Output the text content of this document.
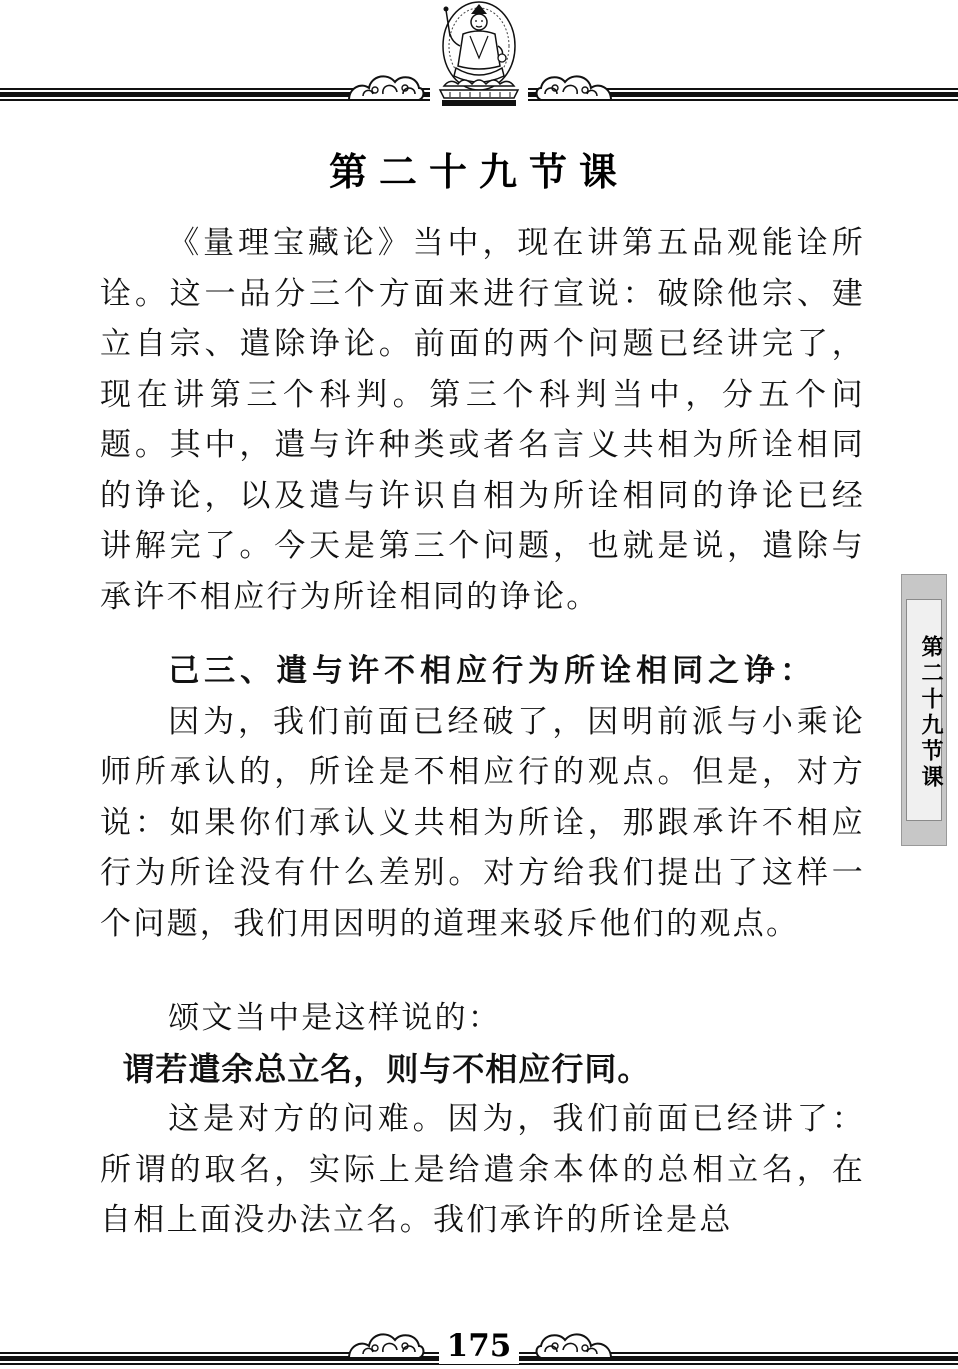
第二十九节课

《量理宝藏论》当中，现在讲第五品观能诠所诠。这一品分三个方面来进行宣说：破除他宗、建立自宗、遣除诤论。前面的两个问题已经讲完了，现在讲第三个科判。第三个科判当中，分五个问题。其中，遣与许种类或者名言义共相为所诠相同的诤论，以及遣与许识自相为所诠相同的诤论已经讲解完了。今天是第三个问题，也就是说，遣除与承许不相应行为所诠相同的诤论。

己三、遣与许不相应行为所诠相同之诤：

因为，我们前面已经破了，因明前派与小乘论师所承认的，所诠是不相应行的观点。但是，对方说：如果你们承认义共相为所诠，那跟承许不相应行为所诠没有什么差别。对方给我们提出了这样一个问题，我们用因明的道理来驳斥他们的观点。

颂文当中是这样说的：

谓若遣余总立名，则与不相应行同。

这是对方的问难。因为，我们前面已经讲了：所谓的取名，实际上是给遣余本体的总相立名，在自相上面没办法立名。我们承许的所诠是总

第二十九节课
175
